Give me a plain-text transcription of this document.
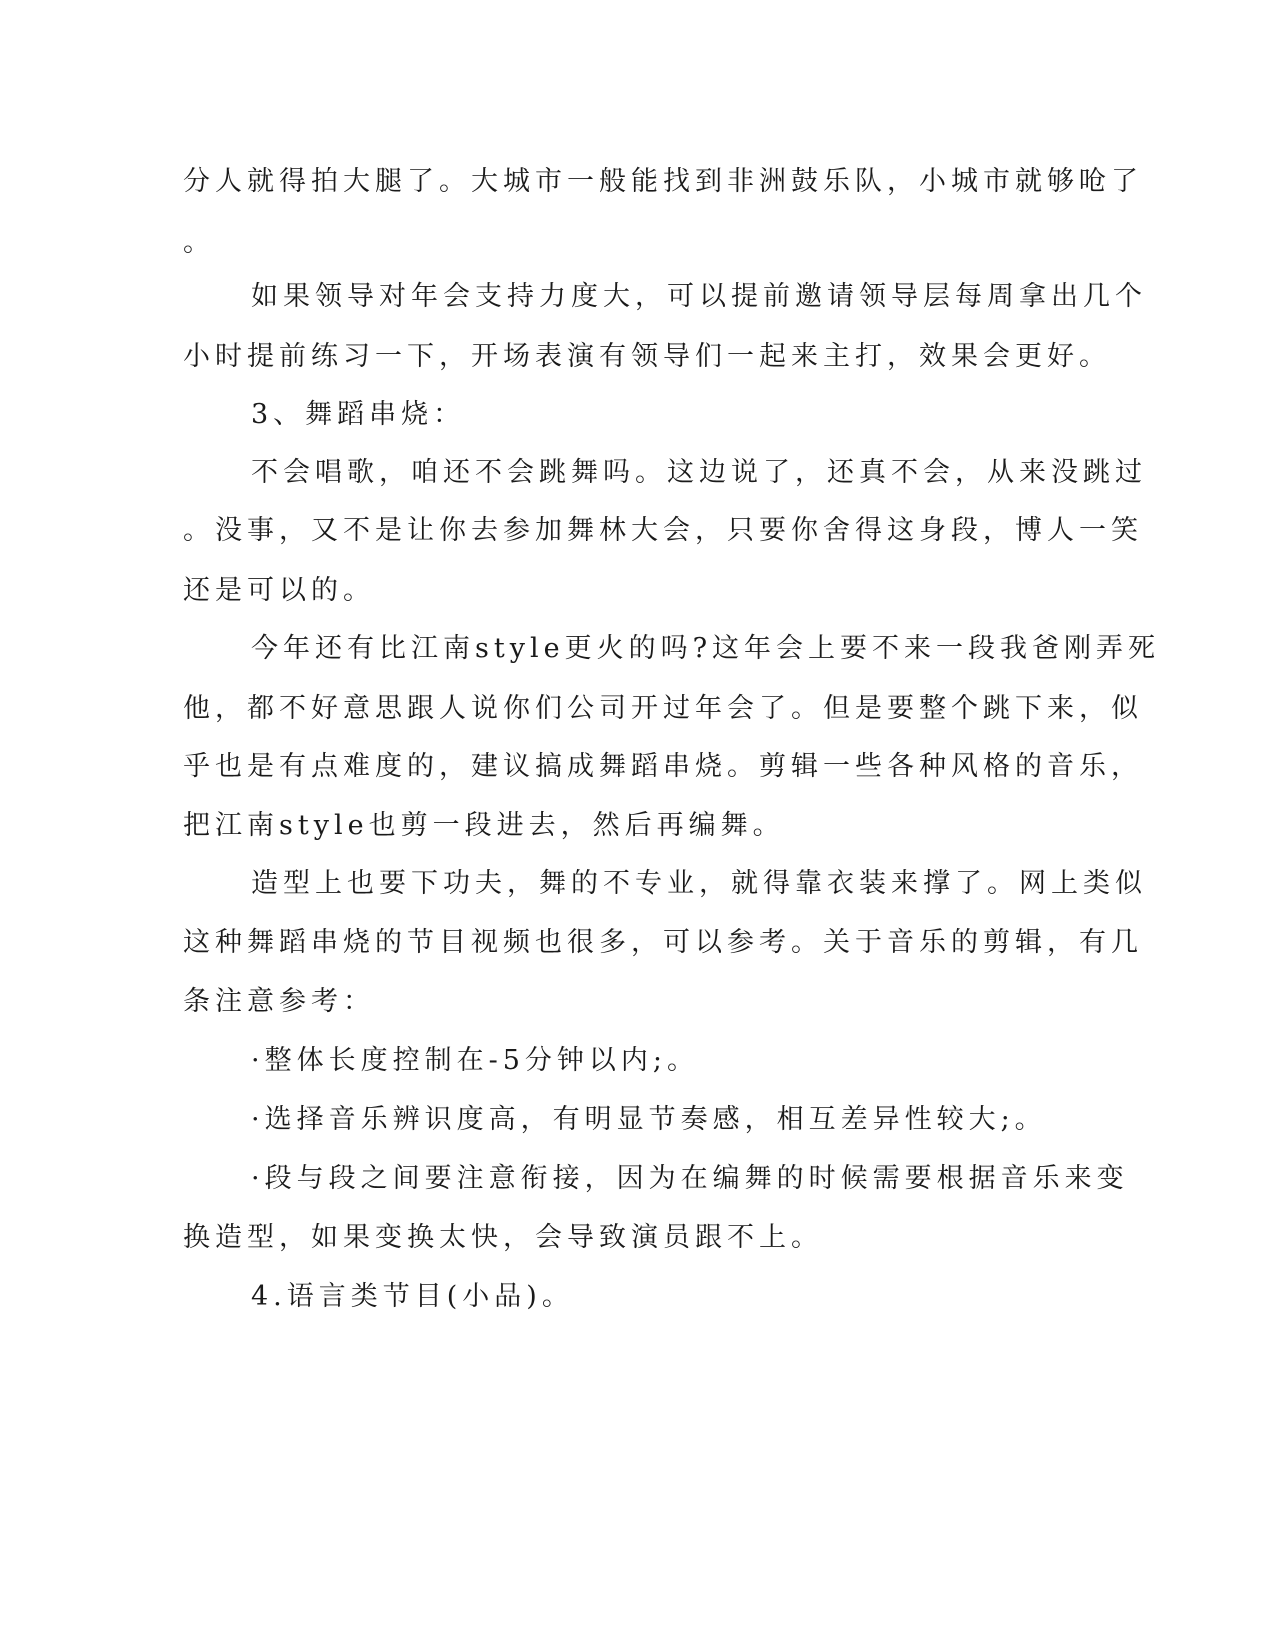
分人就得拍大腿了。大城市一般能找到非洲鼓乐队，小城市就够呛了
。
如果领导对年会支持力度大，可以提前邀请领导层每周拿出几个
小时提前练习一下，开场表演有领导们一起来主打，效果会更好。
3、舞蹈串烧：
不会唱歌，咱还不会跳舞吗。这边说了，还真不会，从来没跳过
。没事，又不是让你去参加舞林大会，只要你舍得这身段，博人一笑
还是可以的。
今年还有比江南style更火的吗?这年会上要不来一段我爸刚弄死
他，都不好意思跟人说你们公司开过年会了。但是要整个跳下来，似
乎也是有点难度的，建议搞成舞蹈串烧。剪辑一些各种风格的音乐，
把江南style也剪一段进去，然后再编舞。
造型上也要下功夫，舞的不专业，就得靠衣装来撑了。网上类似
这种舞蹈串烧的节目视频也很多，可以参考。关于音乐的剪辑，有几
条注意参考：
·整体长度控制在-5分钟以内;。
·选择音乐辨识度高，有明显节奏感，相互差异性较大;。
·段与段之间要注意衔接，因为在编舞的时候需要根据音乐来变
换造型，如果变换太快，会导致演员跟不上。
4.语言类节目(小品)。
